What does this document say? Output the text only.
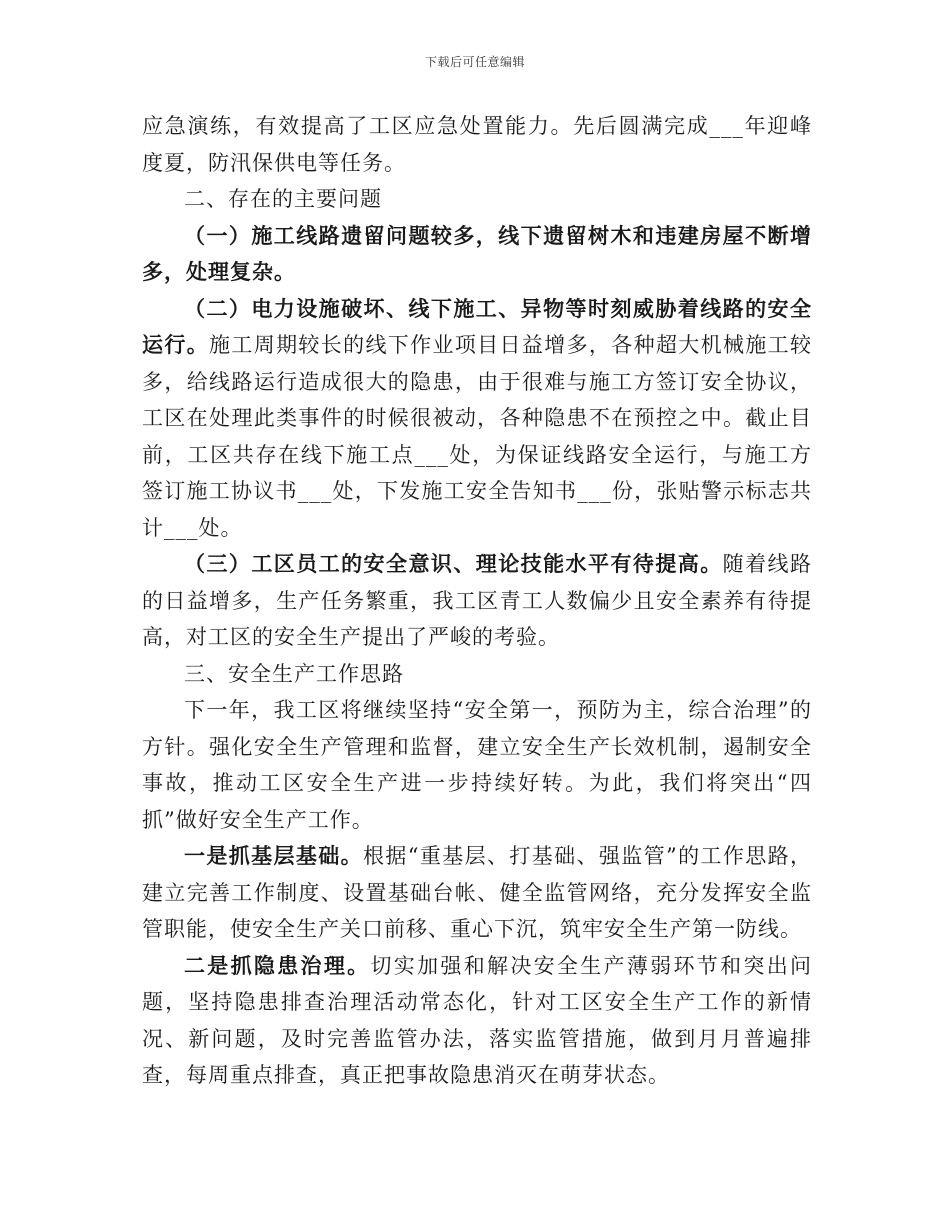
下载后可任意编辑

应急演练，有效提高了工区应急处置能力。先后圆满完成___年迎峰度夏，防汛保供电等任务。

二、存在的主要问题

（一）施工线路遗留问题较多，线下遗留树木和违建房屋不断增多，处理复杂。

（二）电力设施破坏、线下施工、异物等时刻威胁着线路的安全运行。施工周期较长的线下作业项目日益增多，各种超大机械施工较多，给线路运行造成很大的隐患，由于很难与施工方签订安全协议，工区在处理此类事件的时候很被动，各种隐患不在预控之中。截止目前，工区共存在线下施工点___处，为保证线路安全运行，与施工方签订施工协议书___处，下发施工安全告知书___份，张贴警示标志共计___处。

（三）工区员工的安全意识、理论技能水平有待提高。随着线路的日益增多，生产任务繁重，我工区青工人数偏少且安全素养有待提高，对工区的安全生产提出了严峻的考验。

三、安全生产工作思路

下一年，我工区将继续坚持“安全第一，预防为主，综合治理”的方针。强化安全生产管理和监督，建立安全生产长效机制，遏制安全事故，推动工区安全生产进一步持续好转。为此，我们将突出“四抓”做好安全生产工作。

一是抓基层基础。根据“重基层、打基础、强监管”的工作思路，建立完善工作制度、设置基础台帐、健全监管网络，充分发挥安全监管职能，使安全生产关口前移、重心下沉，筑牢安全生产第一防线。

二是抓隐患治理。切实加强和解决安全生产薄弱环节和突出问题，坚持隐患排查治理活动常态化，针对工区安全生产工作的新情况、新问题，及时完善监管办法，落实监管措施，做到月月普遍排查，每周重点排查，真正把事故隐患消灭在萌芽状态。
